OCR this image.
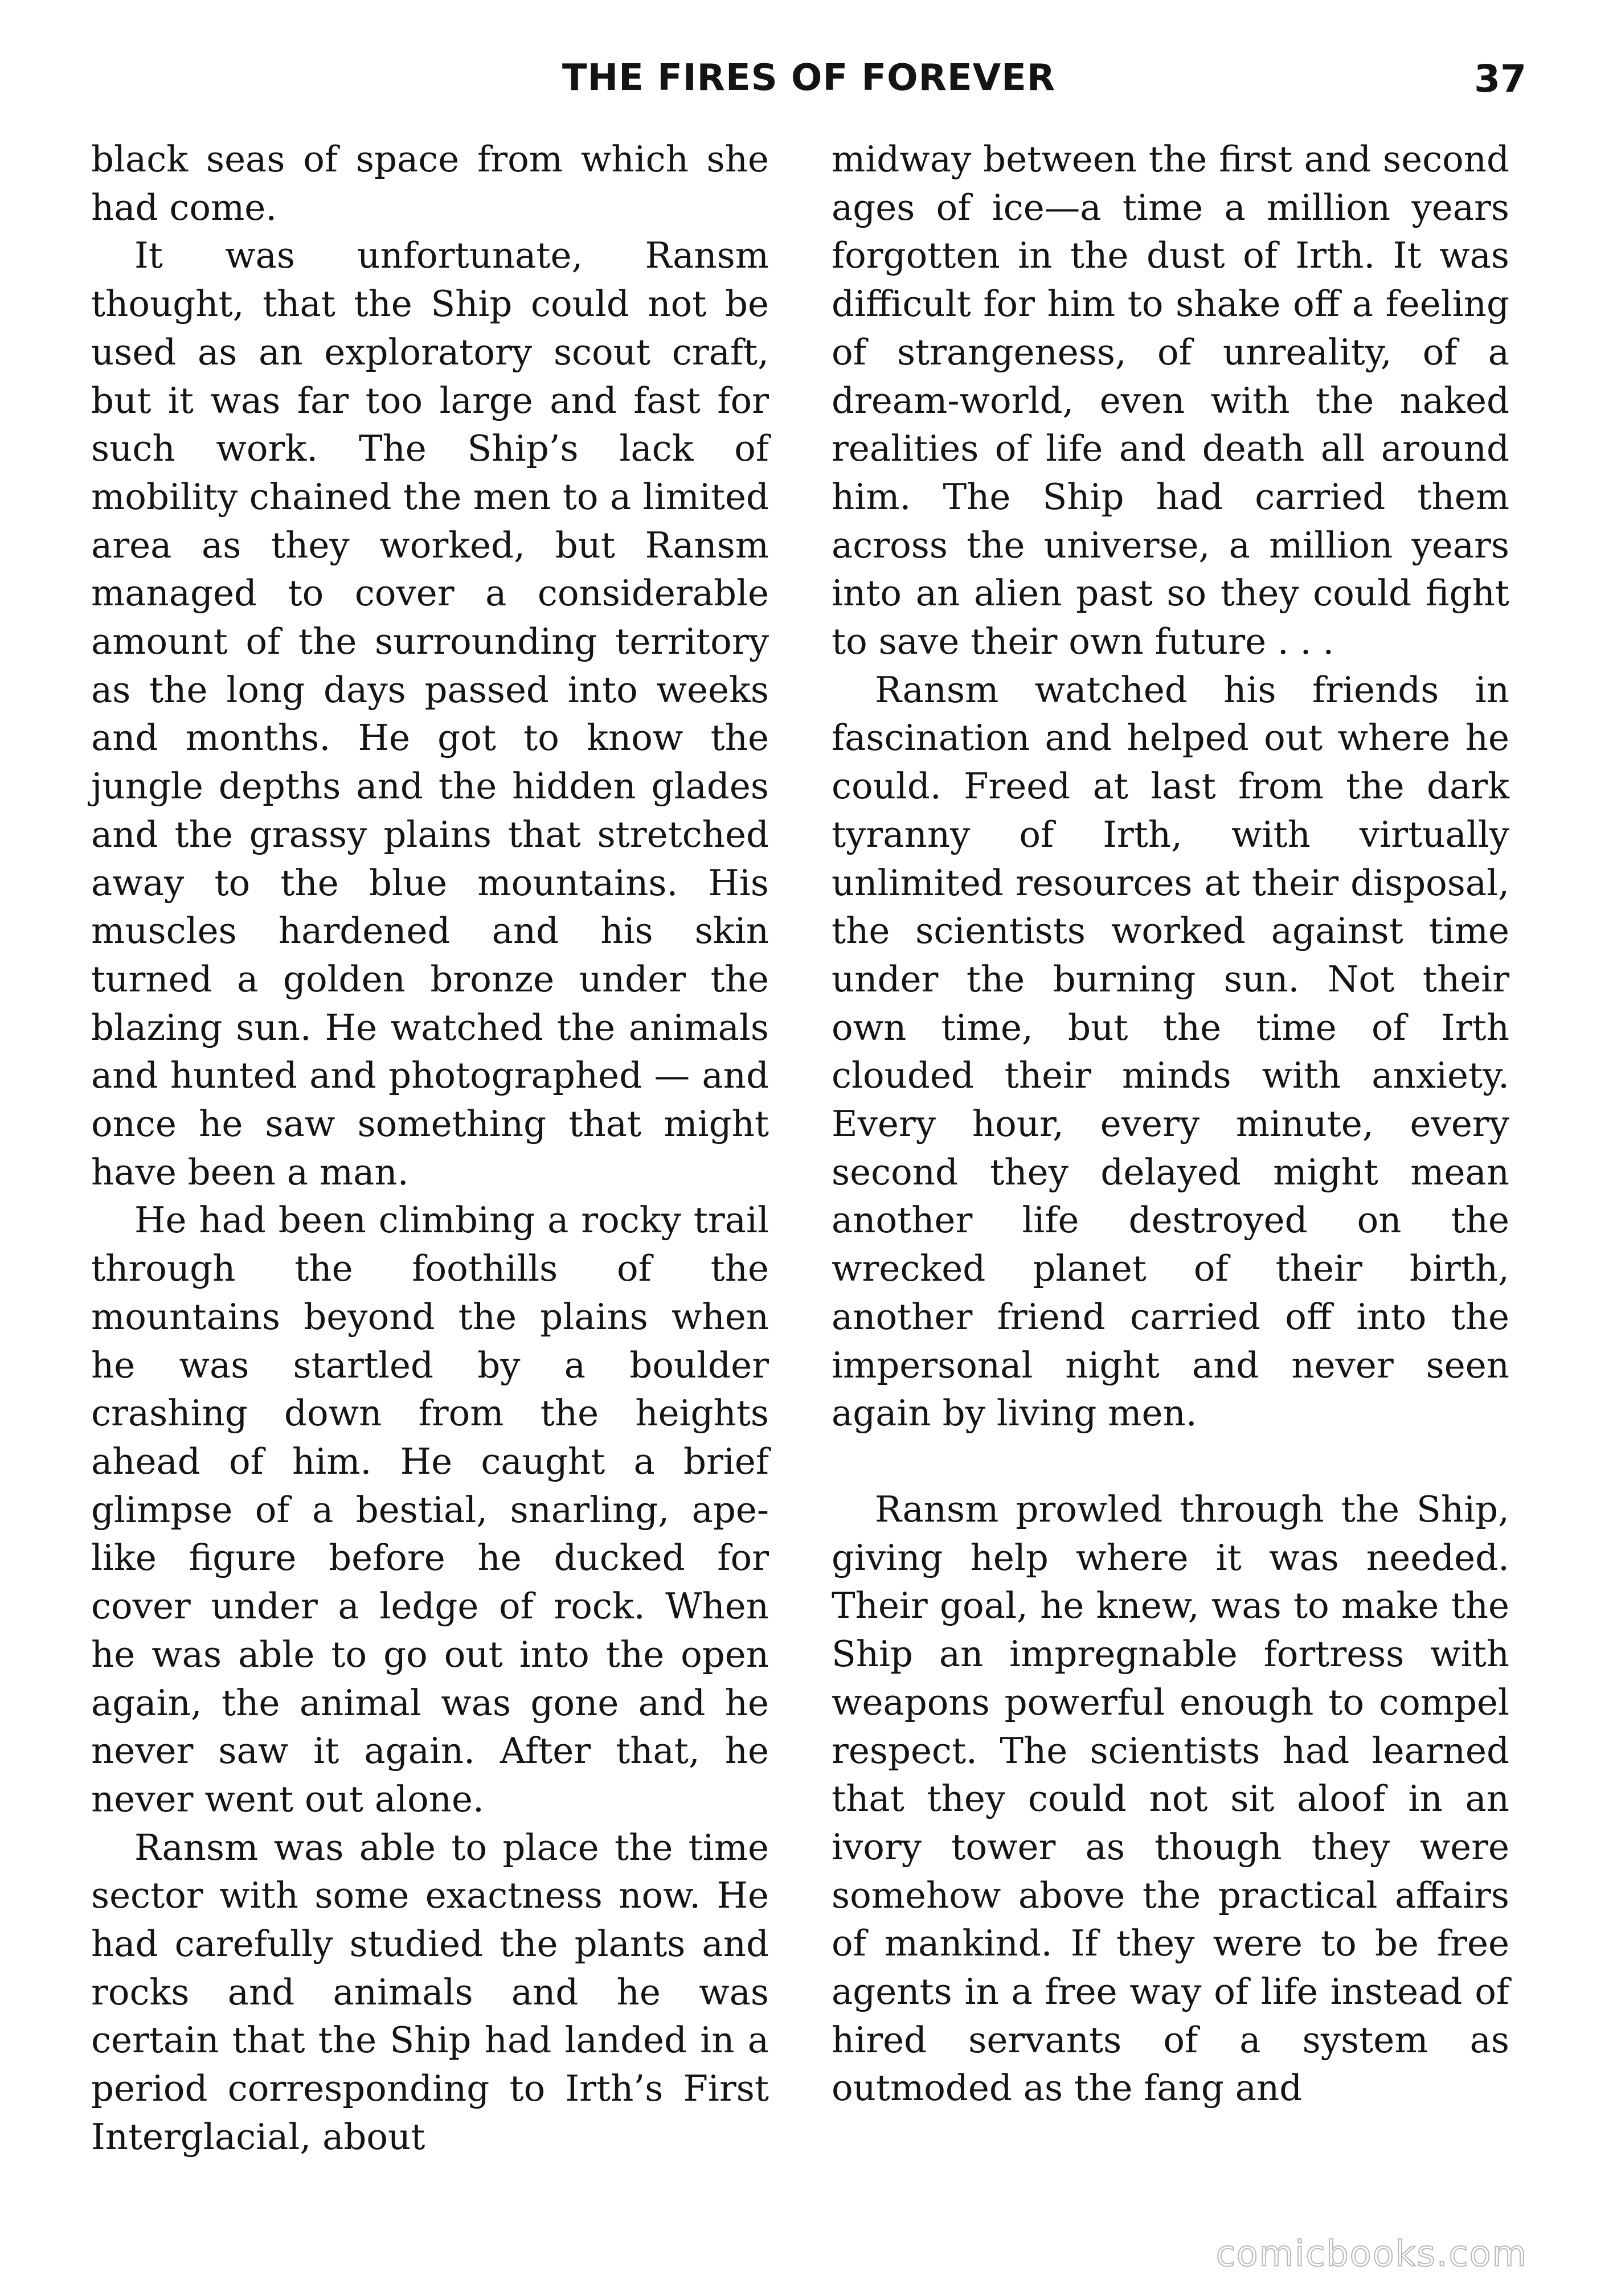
THE FIRES OF FOREVER	37

black seas of space from which she had come.

It was unfortunate, Ransm thought, that the Ship could not be used as an exploratory scout craft, but it was far too large and fast for such work. The Ship’s lack of mobility chained the men to a limited area as they worked, but Ransm managed to cover a considerable amount of the surrounding territory as the long days passed into weeks and months. He got to know the jungle depths and the hidden glades and the grassy plains that stretched away to the blue mountains. His muscles hardened and his skin turned a golden bronze under the blazing sun. He watched the animals and hunted and photographed — and once he saw something that might have been a man.

He had been climbing a rocky trail through the foothills of the mountains beyond the plains when he was startled by a boulder crashing down from the heights ahead of him. He caught a brief glimpse of a bestial, snarling, ape-like figure before he ducked for cover under a ledge of rock. When he was able to go out into the open again, the animal was gone and he never saw it again. After that, he never went out alone.

Ransm was able to place the time sector with some exactness now. He had carefully studied the plants and rocks and animals and he was certain that the Ship had landed in a period corresponding to Irth’s First Interglacial, about

midway between the first and second ages of ice—a time a million years forgotten in the dust of Irth. It was difficult for him to shake off a feeling of strangeness, of unreality, of a dream-world, even with the naked realities of life and death all around him. The Ship had carried them across the universe, a million years into an alien past so they could fight to save their own future . . .

Ransm watched his friends in fascination and helped out where he could. Freed at last from the dark tyranny of Irth, with virtually unlimited resources at their disposal, the scientists worked against time under the burning sun. Not their own time, but the time of Irth clouded their minds with anxiety. Every hour, every minute, every second they delayed might mean another life destroyed on the wrecked planet of their birth, another friend carried off into the impersonal night and never seen again by living men.

Ransm prowled through the Ship, giving help where it was needed. Their goal, he knew, was to make the Ship an impregnable fortress with weapons powerful enough to compel respect. The scientists had learned that they could not sit aloof in an ivory tower as though they were somehow above the practical affairs of mankind. If they were to be free agents in a free way of life instead of hired servants of a system as outmoded as the fang and

comicbooks.com
